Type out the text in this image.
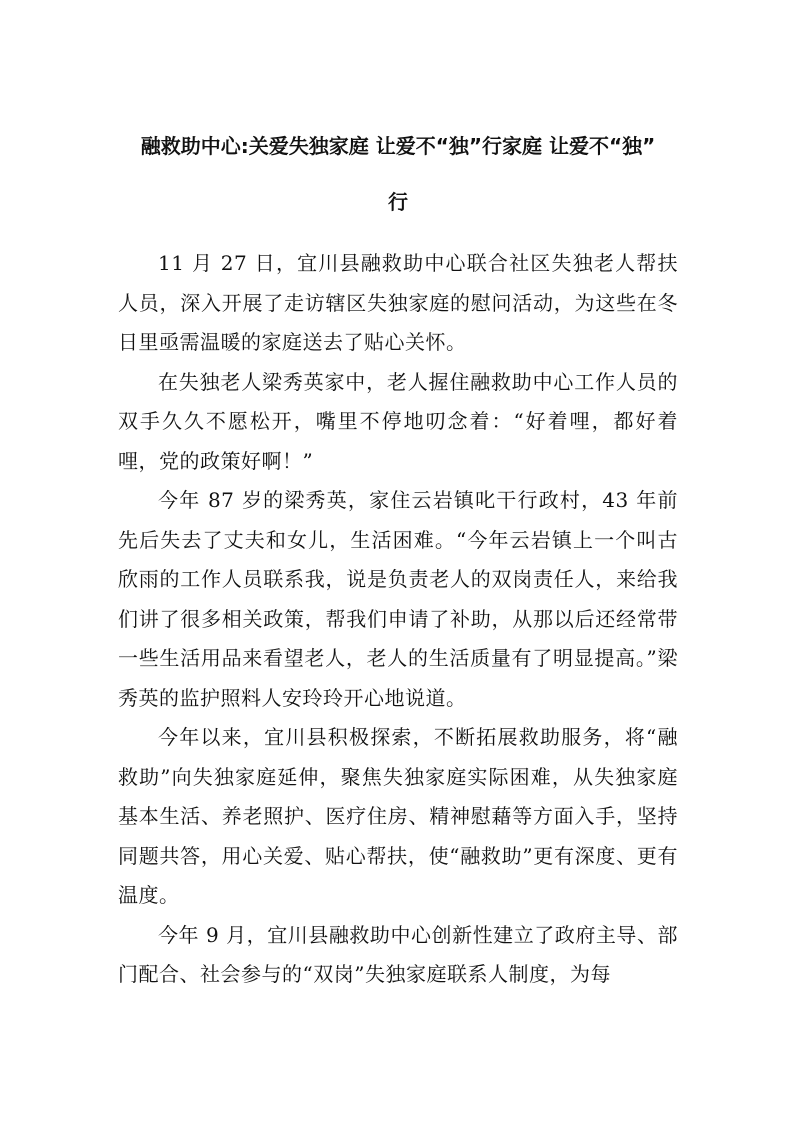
融救助中心:关爱失独家庭 让爱不“独”行家庭 让爱不“独”
行

11 月 27 日，宜川县融救助中心联合社区失独老人帮扶人员，深入开展了走访辖区失独家庭的慰问活动，为这些在冬日里亟需温暖的家庭送去了贴心关怀。

在失独老人梁秀英家中，老人握住融救助中心工作人员的双手久久不愿松开，嘴里不停地叨念着：“好着哩，都好着哩，党的政策好啊！”

今年 87 岁的梁秀英，家住云岩镇叱干行政村，43 年前先后失去了丈夫和女儿，生活困难。“今年云岩镇上一个叫古欣雨的工作人员联系我，说是负责老人的双岗责任人，来给我们讲了很多相关政策，帮我们申请了补助，从那以后还经常带一些生活用品来看望老人，老人的生活质量有了明显提高。”梁秀英的监护照料人安玲玲开心地说道。

今年以来，宜川县积极探索，不断拓展救助服务，将“融救助”向失独家庭延伸，聚焦失独家庭实际困难，从失独家庭基本生活、养老照护、医疗住房、精神慰藉等方面入手，坚持同题共答，用心关爱、贴心帮扶，使“融救助”更有深度、更有温度。

今年 9 月，宜川县融救助中心创新性建立了政府主导、部门配合、社会参与的“双岗”失独家庭联系人制度，为每
